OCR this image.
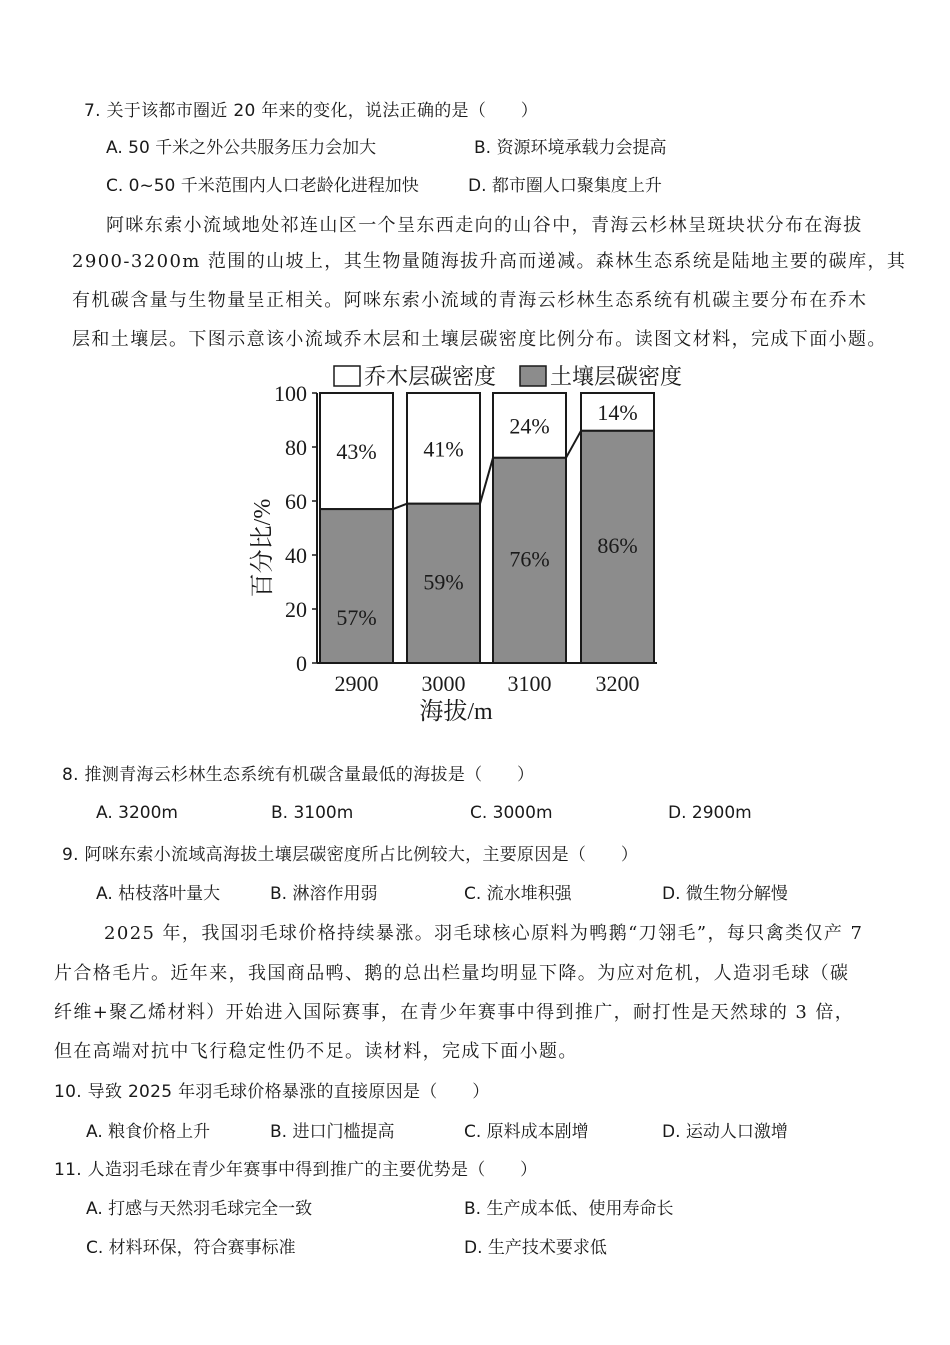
7. 关于该都市圈近 20 年来的变化，说法正确的是（　　）
A. 50 千米之外公共服务压力会加大	B. 资源环境承载力会提高
C. 0~50 千米范围内人口老龄化进程加快	D. 都市圈人口聚集度上升
阿咪东索小流域地处祁连山区一个呈东西走向的山谷中，青海云杉林呈斑块状分布在海拔
2900-3200m 范围的山坡上，其生物量随海拔升高而递减。森林生态系统是陆地主要的碳库，其
有机碳含量与生物量呈正相关。阿咪东索小流域的青海云杉林生态系统有机碳主要分布在乔木
层和土壤层。下图示意该小流域乔木层和土壤层碳密度比例分布。读图文材料，完成下面小题。
乔木层碳密度 土壤层碳密度
0
20
40
60
80
100
43%
57%
2900
41%
59%
3000
24%
76%
3100
14%
86%
3200
百分比/%
海拔/m
8. 推测青海云杉林生态系统有机碳含量最低的海拔是（　　）
A. 3200m	B. 3100m	C. 3000m	D. 2900m
9. 阿咪东索小流域高海拔土壤层碳密度所占比例较大，主要原因是（　　）
A. 枯枝落叶量大	B. 淋溶作用弱	C. 流水堆积强	D. 微生物分解慢
2025 年，我国羽毛球价格持续暴涨。羽毛球核心原料为鸭鹅“刀翎毛”，每只禽类仅产 7
片合格毛片。近年来，我国商品鸭、鹅的总出栏量均明显下降。为应对危机，人造羽毛球（碳
纤维+聚乙烯材料）开始进入国际赛事，在青少年赛事中得到推广，耐打性是天然球的 3 倍，
但在高端对抗中飞行稳定性仍不足。读材料，完成下面小题。
10. 导致 2025 年羽毛球价格暴涨的直接原因是（　　）
A. 粮食价格上升	B. 进口门槛提高	C. 原料成本剧增	D. 运动人口激增
11. 人造羽毛球在青少年赛事中得到推广的主要优势是（　　）
A. 打感与天然羽毛球完全一致	B. 生产成本低、使用寿命长
C. 材料环保，符合赛事标准	D. 生产技术要求低
